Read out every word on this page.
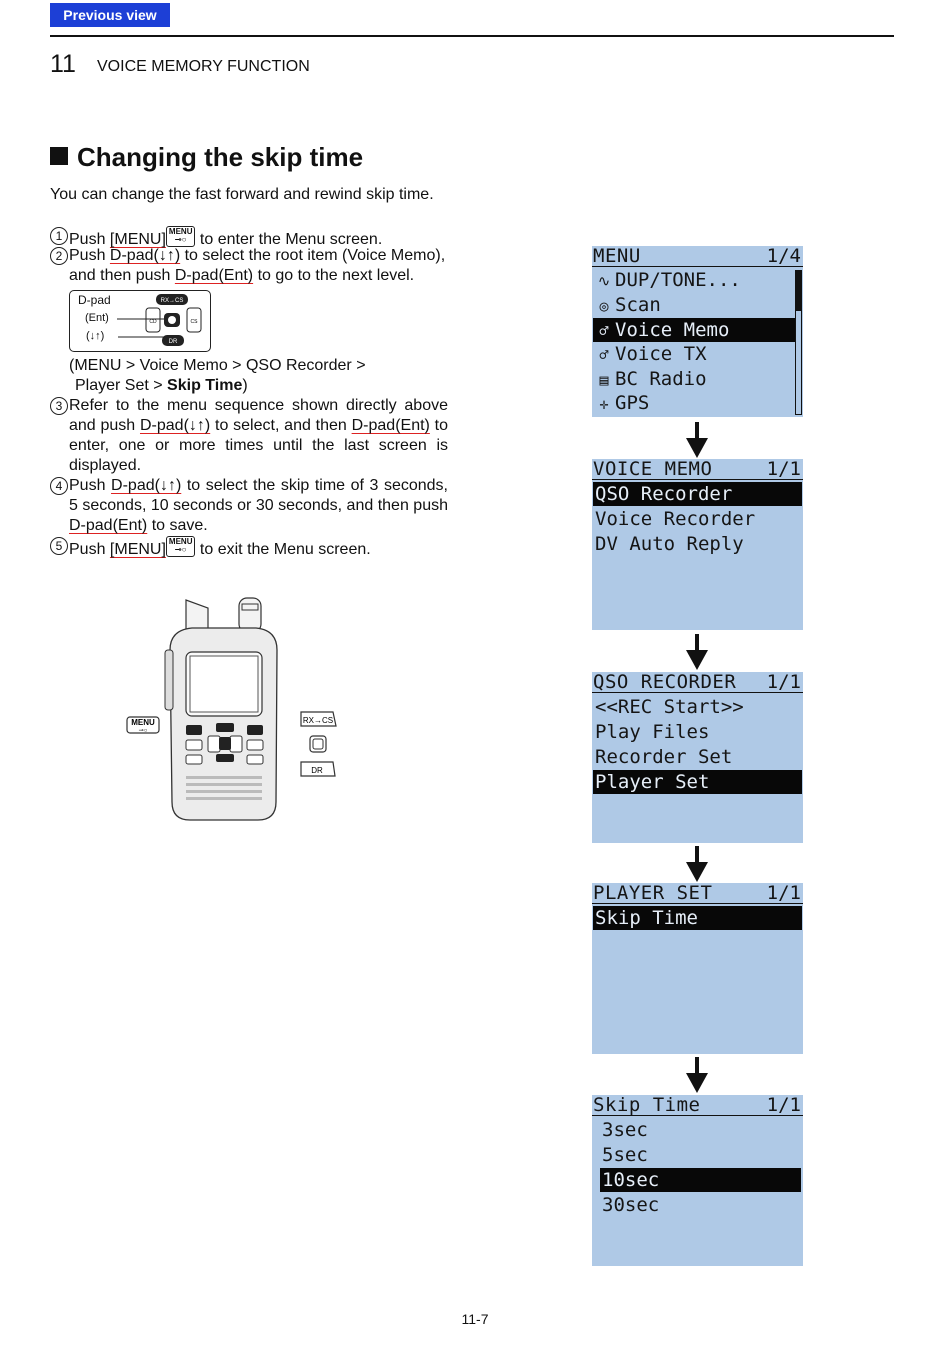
Previous view
11 VOICE MEMORY FUNCTION
Changing the skip time
You can change the fast forward and rewind skip time.
1 Push [MENU] MENU
⊸○ to enter the Menu screen.
2 Push D-pad(↓↑) to select the root item (Voice Memo), and then push D-pad(Ent) to go to the next level.
D-pad
(Ent)
(↓↑)
RX→CS
CD	CS
DR
(MENU > Voice Memo > QSO Recorder >
Player Set > Skip Time)
3 Refer to the menu sequence shown directly above and push D-pad(↓↑) to select, and then D-pad(Ent) to enter, one or more times until the last screen is displayed.
4 Push D-pad(↓↑) to select the skip time of 3 seconds, 5 seconds, 10 seconds or 30 seconds, and then push D-pad(Ent) to save.
5 Push [MENU] MENU
⊸○ to exit the Menu screen.
MENU
⊸○
RX→CS
DR
MENU	1/4
∿ DUP/TONE...
◎ Scan
♂ Voice Memo
♂ Voice TX
▤ BC Radio
✛ GPS
VOICE MEMO	1/1
QSO Recorder
Voice Recorder
DV Auto Reply
QSO RECORDER 1/1
<<REC Start>>
Play Files
Recorder Set
Player Set
PLAYER SET	1/1
Skip Time
Skip Time	1/1
3sec
5sec
10sec
30sec
11-7
